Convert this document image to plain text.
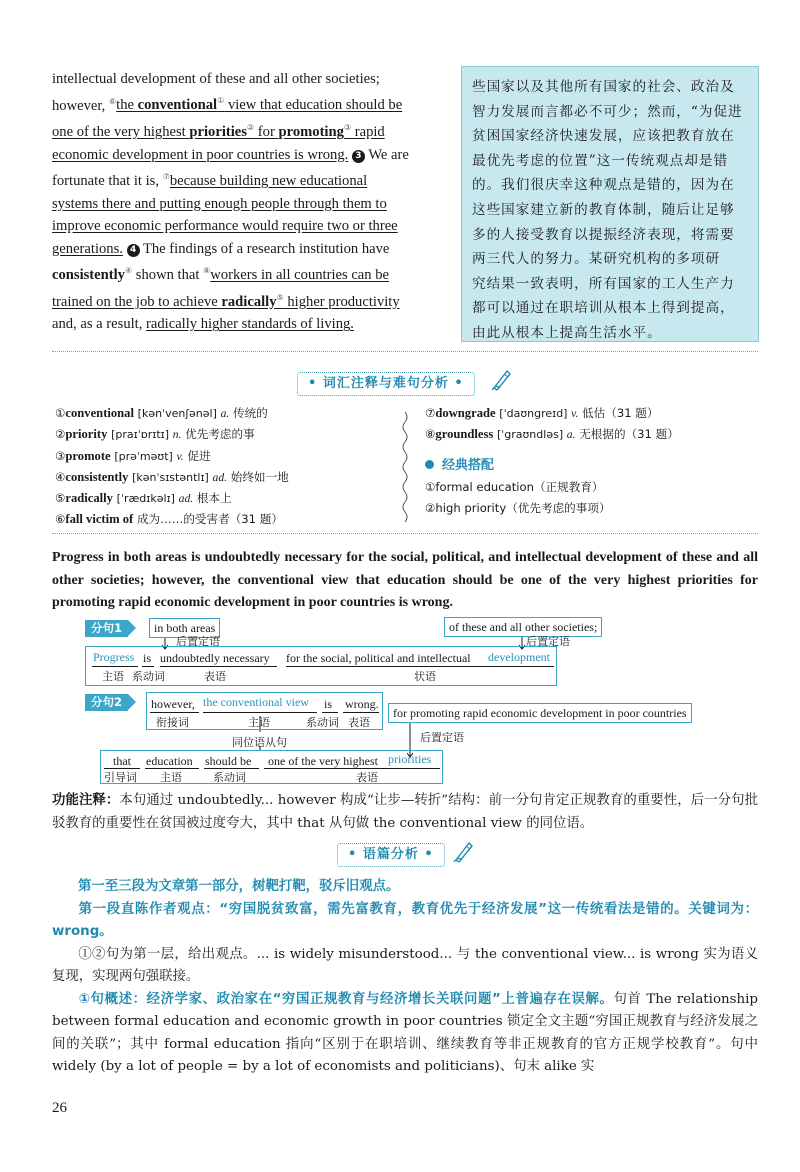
intellectual development of these and all other societies;
however, ⑥the conventional① view that education should be
one of the very highest priorities② for promoting③ rapid
economic development in poor countries is wrong. 3 We are
fortunate that it is, ⑦because building new educational
systems there and putting enough people through them to
improve economic performance would require two or three
generations. 4 The findings of a research institution have
consistently④ shown that ⑧workers in all countries can be
trained on the job to achieve radically⑤ higher productivity
and, as a result, radically higher standards of living.
些国家以及其他所有国家的社会、政治及
智力发展而言都必不可少；然而，“为促进
贫困国家经济快速发展，应该把教育放在
最优先考虑的位置”这一传统观点却是错
的。我们很庆幸这种观点是错的，因为在
这些国家建立新的教育体制，随后让足够
多的人接受教育以提振经济表现，将需要
两三代人的努力。某研究机构的多项研
究结果一致表明，所有国家的工人生产力
都可以通过在职培训从根本上得到提高，
由此从根本上提高生活水平。
• 词汇注释与难句分析 •
①conventional [kənˈvenʃənəl] a. 传统的
②priority [praɪˈɒrɪtɪ] n. 优先考虑的事
③promote [prəˈməʊt] v. 促进
④consistently [kənˈsɪstəntlɪ] ad. 始终如一地
⑤radically [ˈrædɪkəlɪ] ad. 根本上
⑥fall victim of 成为……的受害者（31 题）
⑦downgrade [ˈdaʊngreɪd] v. 低估（31 题）
⑧groundless [ˈgraʊndləs] a. 无根据的（31 题）
经典搭配
①formal education（正规教育）
②high priority（优先考虑的事项）
Progress in both areas is undoubtedly necessary for the social, political, and intellectual development of these and all other societies; however, the conventional view that education should be one of the very highest priorities for promoting rapid economic development in poor countries is wrong.
分句1	in both areas	of these and all other societies;
后置定语	后置定语
Progress is undoubtedly necessary for the social, political and intellectual development
主语 系动词	表语	状语
分句2	however, the conventional view is wrong.
衔接词	主语	系动词 表语
for promoting rapid economic development in poor countries
同位语从句	后置定语
that education should be one of the very highest priorities
引导词 主语	系动词	表语
功能注释：本句通过 undoubtedly... however 构成“让步—转折”结构：前一分句肯定正规教育的重要性，后一分句批驳教育的重要性在贫国被过度夸大，其中 that 从句做 the conventional view 的同位语。
• 语篇分析 •
第一至三段为文章第一部分，树靶打靶，驳斥旧观点。
第一段直陈作者观点：“穷国脱贫致富，需先富教育，教育优先于经济发展”这一传统看法是错的。关键词为：wrong。
①②句为第一层，给出观点。... is widely misunderstood... 与 the conventional view... is wrong 实为语义复现，实现两句强联接。
①句概述：经济学家、政治家在“穷国正规教育与经济增长关联问题”上普遍存在误解。句首 The relationship between formal education and economic growth in poor countries 锁定全文主题“穷国正规教育与经济发展之间的关联”；其中 formal education 指向“区别于在职培训、继续教育等非正规教育的官方正规学校教育”。句中 widely (by a lot of people = by a lot of economists and politicians)、句末 alike 实
26
